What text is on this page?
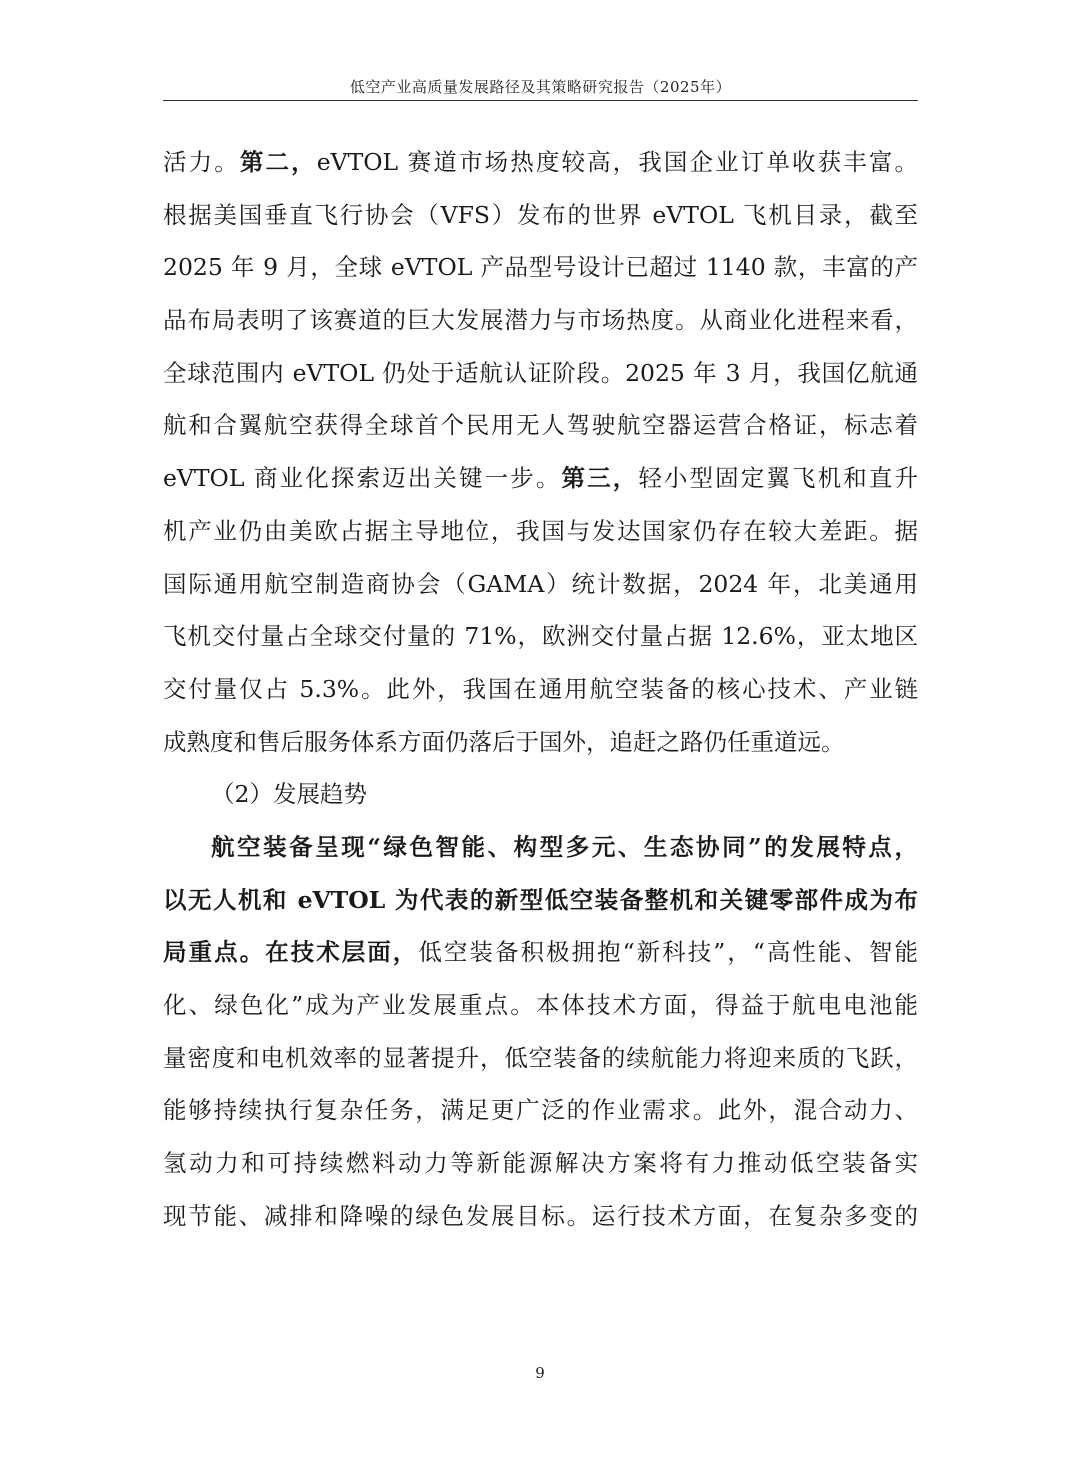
低空产业高质量发展路径及其策略研究报告（2025年）
活力。第二，eVTOL 赛道市场热度较高，我国企业订单收获丰富。
根据美国垂直飞行协会（VFS）发布的世界 eVTOL 飞机目录，截至
2025 年 9 月，全球 eVTOL 产品型号设计已超过 1140 款，丰富的产
品布局表明了该赛道的巨大发展潜力与市场热度。从商业化进程来看，
全球范围内 eVTOL 仍处于适航认证阶段。2025 年 3 月，我国亿航通
航和合翼航空获得全球首个民用无人驾驶航空器运营合格证，标志着
eVTOL 商业化探索迈出关键一步。第三，轻小型固定翼飞机和直升
机产业仍由美欧占据主导地位，我国与发达国家仍存在较大差距。据
国际通用航空制造商协会（GAMA）统计数据，2024 年，北美通用
飞机交付量占全球交付量的 71%，欧洲交付量占据 12.6%，亚太地区
交付量仅占 5.3%。此外，我国在通用航空装备的核心技术、产业链
成熟度和售后服务体系方面仍落后于国外，追赶之路仍任重道远。
（2）发展趋势
航空装备呈现“绿色智能、构型多元、生态协同”的发展特点，
以无人机和 eVTOL 为代表的新型低空装备整机和关键零部件成为布
局重点。在技术层面，低空装备积极拥抱“新科技”，“高性能、智能
化、绿色化”成为产业发展重点。本体技术方面，得益于航电电池能
量密度和电机效率的显著提升，低空装备的续航能力将迎来质的飞跃，
能够持续执行复杂任务，满足更广泛的作业需求。此外，混合动力、
氢动力和可持续燃料动力等新能源解决方案将有力推动低空装备实
现节能、减排和降噪的绿色发展目标。运行技术方面，在复杂多变的
9
